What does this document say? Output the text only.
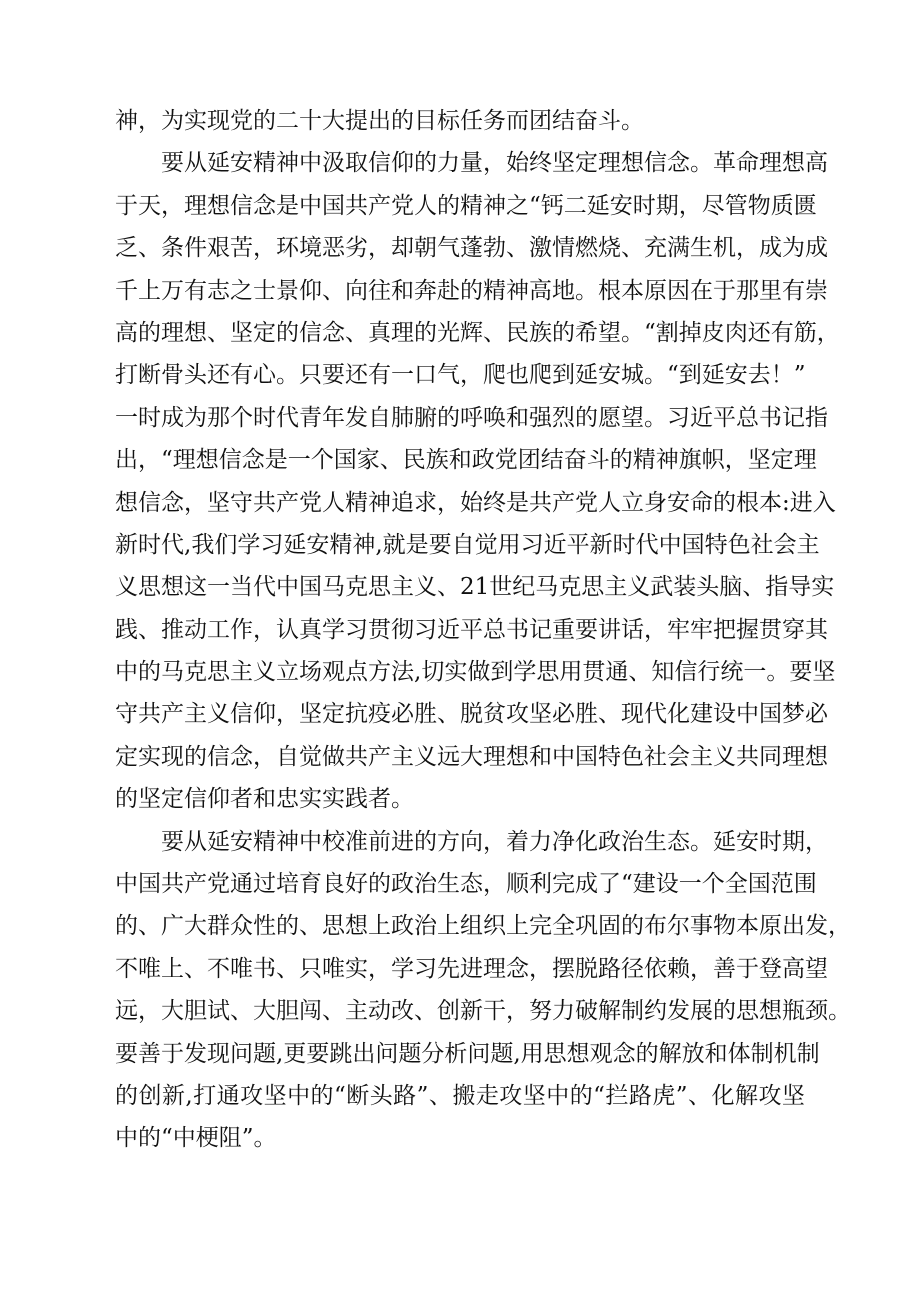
神，为实现党的二十大提出的目标任务而团结奋斗。
要 从 延 安 精 神 中 汲 取 信 仰 的 力 量 ， 始 终 坚 定 理 想 信 念 。 革 命 理 想 高
于 天 ， 理 想 信 念 是 中 国 共 产 党 人 的 精 神 之 “ 钙 二 延 安 时 期 ， 尽 管 物 质 匮
乏 、 条 件 艰 苦 ， 环 境 恶 劣 ， 却 朝 气 蓬 勃 、 激 情 燃 烧 、 充 满 生 机 ， 成 为 成
千 上 万 有 志 之 士 景 仰 、 向 往 和 奔 赴 的 精 神 高 地 。 根 本 原 因 在 于 那 里 有 崇
高 的 理 想 、 坚 定 的 信 念 、 真 理 的 光 辉 、 民 族 的 希 望 。 “ 割 掉 皮 肉 还 有 筋 ，
打 断 骨 头 还 有 心 。 只 要 还 有 一 口 气 ， 爬 也 爬 到 延 安 城 。 “ 到 延 安 去 ！ ”
一 时 成 为 那 个 时 代 青 年 发 自 肺 腑 的 呼 唤 和 强 烈 的 愿 望 。 习 近 平 总 书 记 指
出 ， “ 理 想 信 念 是 一 个 国 家 、 民 族 和 政 党 团 结 奋 斗 的 精 神 旗 帜 ， 坚 定 理
想 信 念 ， 坚 守 共 产 党 人 精 神 追 求 ， 始 终 是 共 产 党 人 立 身 安 命 的 根 本 : 进 入
新 时 代 , 我 们 学 习 延 安 精 神 , 就 是 要 自 觉 用 习 近 平 新 时 代 中 国 特 色 社 会 主
义 思 想 这 一 当 代 中 国 马 克 思 主 义 、 2 1 世 纪 马 克 思 主 义 武 装 头 脑 、 指 导 实
践 、 推 动 工 作 ， 认 真 学 习 贯 彻 习 近 平 总 书 记 重 要 讲 话 ， 牢 牢 把 握 贯 穿 其
中 的 马 克 思 主 义 立 场 观 点 方 法 , 切 实 做 到 学 思 用 贯 通 、 知 信 行 统 一 。 要 坚
守 共 产 主 义 信 仰 ， 坚 定 抗 疫 必 胜 、 脱 贫 攻 坚 必 胜 、 现 代 化 建 设 中 国 梦 必
定 实 现 的 信 念 ， 自 觉 做 共 产 主 义 远 大 理 想 和 中 国 特 色 社 会 主 义 共 同 理 想
的坚定信仰者和忠实实践者。
要 从 延 安 精 神 中 校 准 前 进 的 方 向 ， 着 力 净 化 政 治 生 态 。 延 安 时 期 ，
中 国 共 产 党 通 过 培 育 良 好 的 政 治 生 态 ， 顺 利 完 成 了 “ 建 设 一 个 全 国 范 围
的 、 广 大 群 众 性 的 、 思 想 上 政 治 上 组 织 上 完 全 巩 固 的 布 尔 事 物 本 原 出 发 ，
不 唯 上 、 不 唯 书 、 只 唯 实 ， 学 习 先 进 理 念 ， 摆 脱 路 径 依 赖 ， 善 于 登 高 望
远 ， 大 胆 试 、 大 胆 闯 、 主 动 改 、 创 新 干 ， 努 力 破 解 制 约 发 展 的 思 想 瓶 颈 。
要 善 于 发 现 问 题 , 更 要 跳 出 问 题 分 析 问 题 , 用 思 想 观 念 的 解 放 和 体 制 机 制
的 创 新 , 打 通 攻 坚 中 的 “ 断 头 路 ” 、 搬 走 攻 坚 中 的 “ 拦 路 虎 ” 、 化 解 攻 坚
中的“中梗阻”。
